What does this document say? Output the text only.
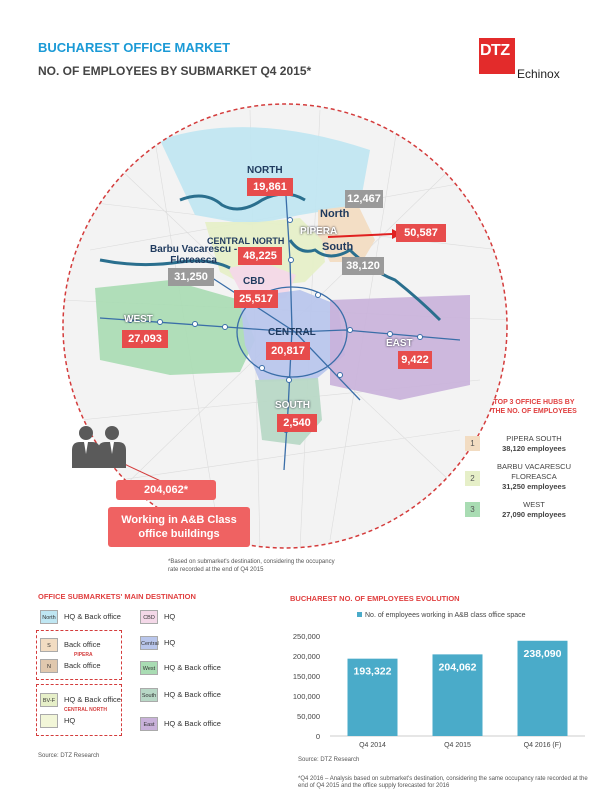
BUCHAREST OFFICE MARKET
NO. OF EMPLOYEES BY SUBMARKET Q4 2015*
DTZ
Echinox
NORTH
19,861
12,467
North
PIPERA	50,587
South
38,120
CENTRAL NORTH
48,225
Barbu Vacarescu -
Floreasca
31,250	CBD
25,517
WEST
27,093
CENTRAL
20,817
EAST
9,422
SOUTH
2,540
TOP 3 OFFICE HUBS BY THE NO. OF EMPLOYEES
1
PIPERA SOUTH
38,120 employees
2
BARBU VACARESCU FLOREASCA
31,250 employees
3
WEST
27,090 employees
204,062*
Working in A&B Class office buildings
*Based on submarket's destination, considering the occupancy rate recorded at the end of Q4 2015
OFFICE SUBMARKETS' MAIN DESTINATION
North	HQ & Back office
S	Back office
N	Back office
BV-F	HQ & Back office
HQ
CBD	HQ
Central HQ
West	HQ & Back office
South HQ & Back office
East	HQ & Back office
PIPERA
CENTRAL NORTH
Source: DTZ Research
BUCHAREST NO. OF EMPLOYEES EVOLUTION
No. of employees working in A&B class office space
0
50,000
100,000
150,000
200,000
250,000
193,322
Q4 2014
204,062
Q4 2015
238,090
Q4 2016 (F)
Source: DTZ Research
*Q4 2016 – Analysis based on submarket's destination, considering the same occupancy rate recorded at the end of Q4 2015 and the office supply forecasted for 2016
